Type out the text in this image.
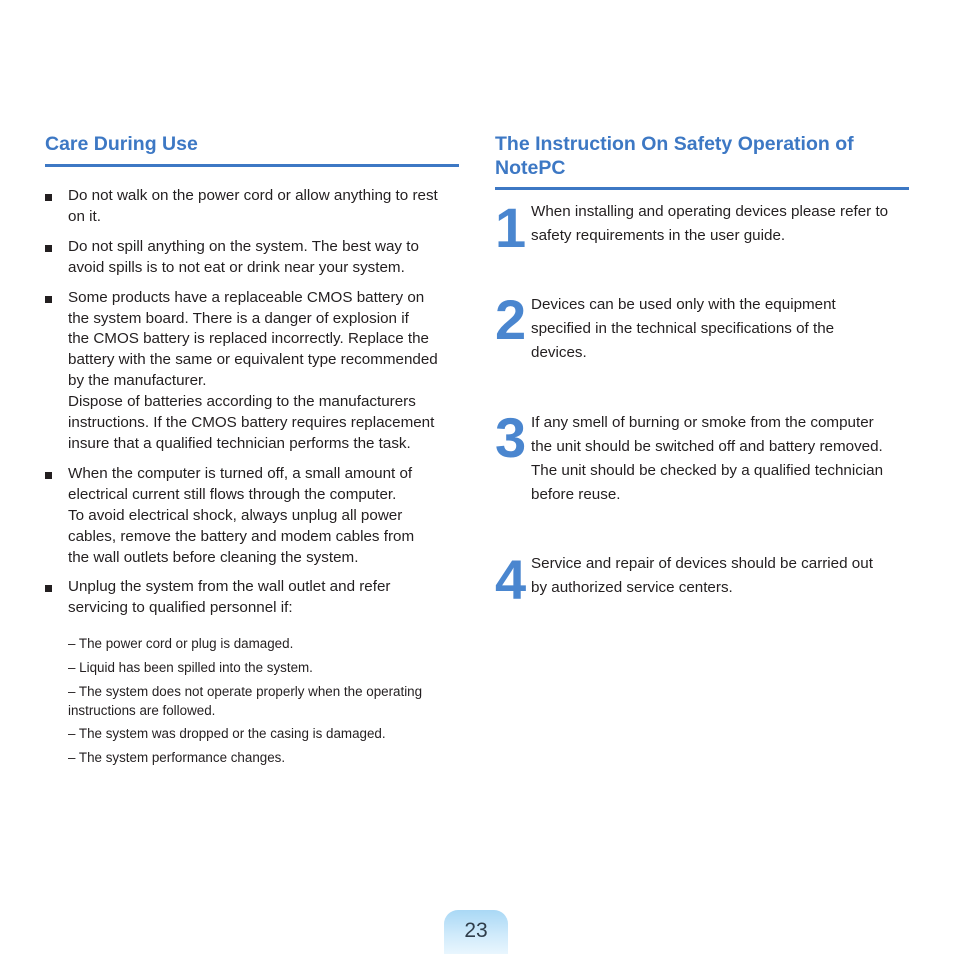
Care During Use
Do not walk on the power cord or allow anything to rest
on it.
Do not spill anything on the system. The best way to
avoid spills is to not eat or drink near your system.
Some products have a replaceable CMOS battery on
the system board. There is a danger of explosion if
the CMOS battery is replaced incorrectly. Replace the
battery with the same or equivalent type recommended
by the manufacturer.
Dispose of batteries according to the manufacturers
instructions. If the CMOS battery requires replacement
insure that a qualified technician performs the task.
When the computer is turned off, a small amount of
electrical current still flows through the computer.
To avoid electrical shock, always unplug all power
cables, remove the battery and modem cables from
the wall outlets before cleaning the system.
Unplug the system from the wall outlet and refer
servicing to qualified personnel if:
– The power cord or plug is damaged.
– Liquid has been spilled into the system.
– The system does not operate properly when the operating
instructions are followed.
– The system was dropped or the casing is damaged.
– The system performance changes.
The Instruction On Safety Operation of
NotePC
1 When installing and operating devices please refer to
safety requirements in the user guide.
2 Devices can be used only with the equipment
specified in the technical specifications of the
devices.
3 If any smell of burning or smoke from the computer
the unit should be switched off and battery removed.
The unit should be checked by a qualified technician
before reuse.
4 Service and repair of devices should be carried out
by authorized service centers.
23
